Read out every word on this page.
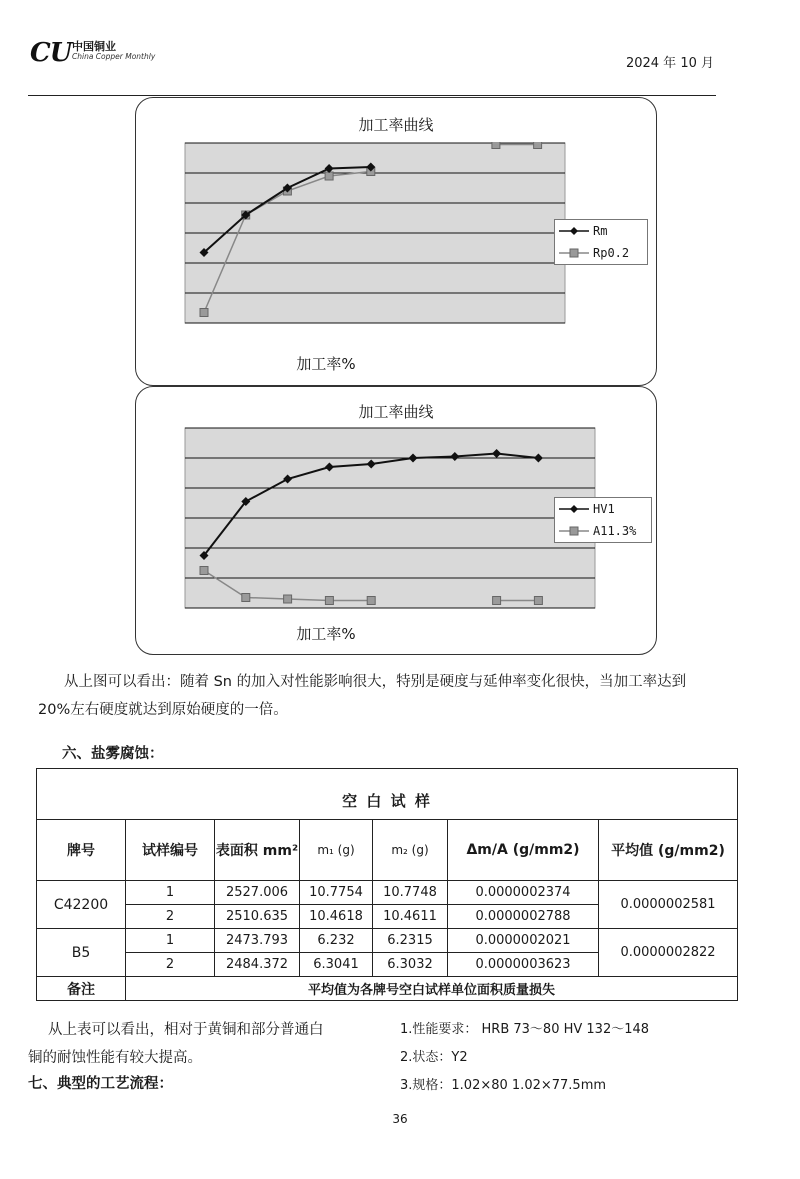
CU 中国铜业
China Copper Monthly	2024 年 10 月
加工率曲线
Rm
Rp0.2
加工率%
加工率曲线
HV1
A11.3%
加工率%
从上图可以看出：随着 Sn 的加入对性能影响很大，特别是硬度与延伸率变化很快，当加工率达到
20%左右硬度就达到原始硬度的一倍。
六、盐雾腐蚀：
空 白 试 样						
牌号	试样编号	表面积 mm²	m₁ (g)	m₂ (g)	Δm/A (g/mm2)	平均值 (g/mm2)
C42200	1	2527.006	10.7754	10.7748	0.0000002374	0.0000002581
	2	2510.635	10.4618	10.4611	0.0000002788	
B5	1	2473.793	6.232	6.2315	0.0000002021	0.0000002822
	2	2484.372	6.3041	6.3032	0.0000003623	
备注	平均值为各牌号空白试样单位面积质量损失					
从上表可以看出，相对于黄铜和部分普通白
铜的耐蚀性能有较大提高。
七、典型的工艺流程：
1.性能要求： HRB 73～80 HV 132～148
2.状态：Y2
3.规格：1.02×80 1.02×77.5mm
36
